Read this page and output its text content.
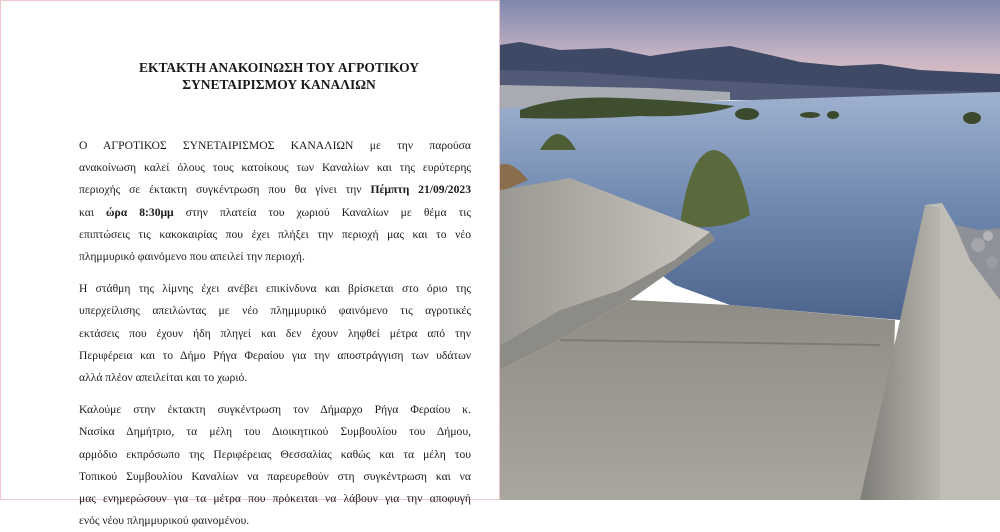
ΕΚΤΑΚΤΗ ΑΝΑΚΟΙΝΩΣΗ ΤΟΥ ΑΓΡΟΤΙΚΟΥ
ΣΥΝΕΤΑΙΡΙΣΜΟΥ ΚΑΝΑΛΙΩΝ
Ο ΑΓΡΟΤΙΚΟΣ ΣΥΝΕΤΑΙΡΙΣΜΟΣ ΚΑΝΑΛΙΩΝ με την παρούσα
ανακοίνωση καλεί όλους τους κατοίκους των Καναλίων και της ευρύτερης
περιοχής σε έκτακτη συγκέντρωση που θα γίνει την Πέμπτη 21/09/2023
και ώρα 8:30μμ στην πλατεία του χωριού Καναλίων με θέμα τις
επιπτώσεις τις κακοκαιρίας που έχει πλήξει την περιοχή μας και το νέο
πλημμυρικό φαινόμενο που απειλεί την περιοχή.
Η στάθμη της λίμνης έχει ανέβει επικίνδυνα και βρίσκεται στο όριο της
υπερχείλισης απειλώντας με νέο πλημμυρικό φαινόμενο τις αγροτικές
εκτάσεις που έχουν ήδη πληγεί και δεν έχουν ληφθεί μέτρα από την
Περιφέρεια και το Δήμο Ρήγα Φεραίου για την αποστράγγιση των υδάτων
αλλά πλέον απειλείται και το χωριό.
Καλούμε στην έκτακτη συγκέντρωση τον Δήμαρχο Ρήγα Φεραίου κ.
Νασίκα Δημήτριο, τα μέλη του Διοικητικού Συμβουλίου του Δήμου,
αρμόδιο εκπρόσωπο της Περιφέρειας Θεσσαλίας καθώς και τα μέλη του
Τοπικού Συμβουλίου Καναλίων να παρευρεθούν στη συγκέντρωση και να
μας ενημερώσουν για τα μέτρα που πρόκειται να λάβουν για την αποφυγή
ενός νέου πλημμυρικού φαινομένου.
